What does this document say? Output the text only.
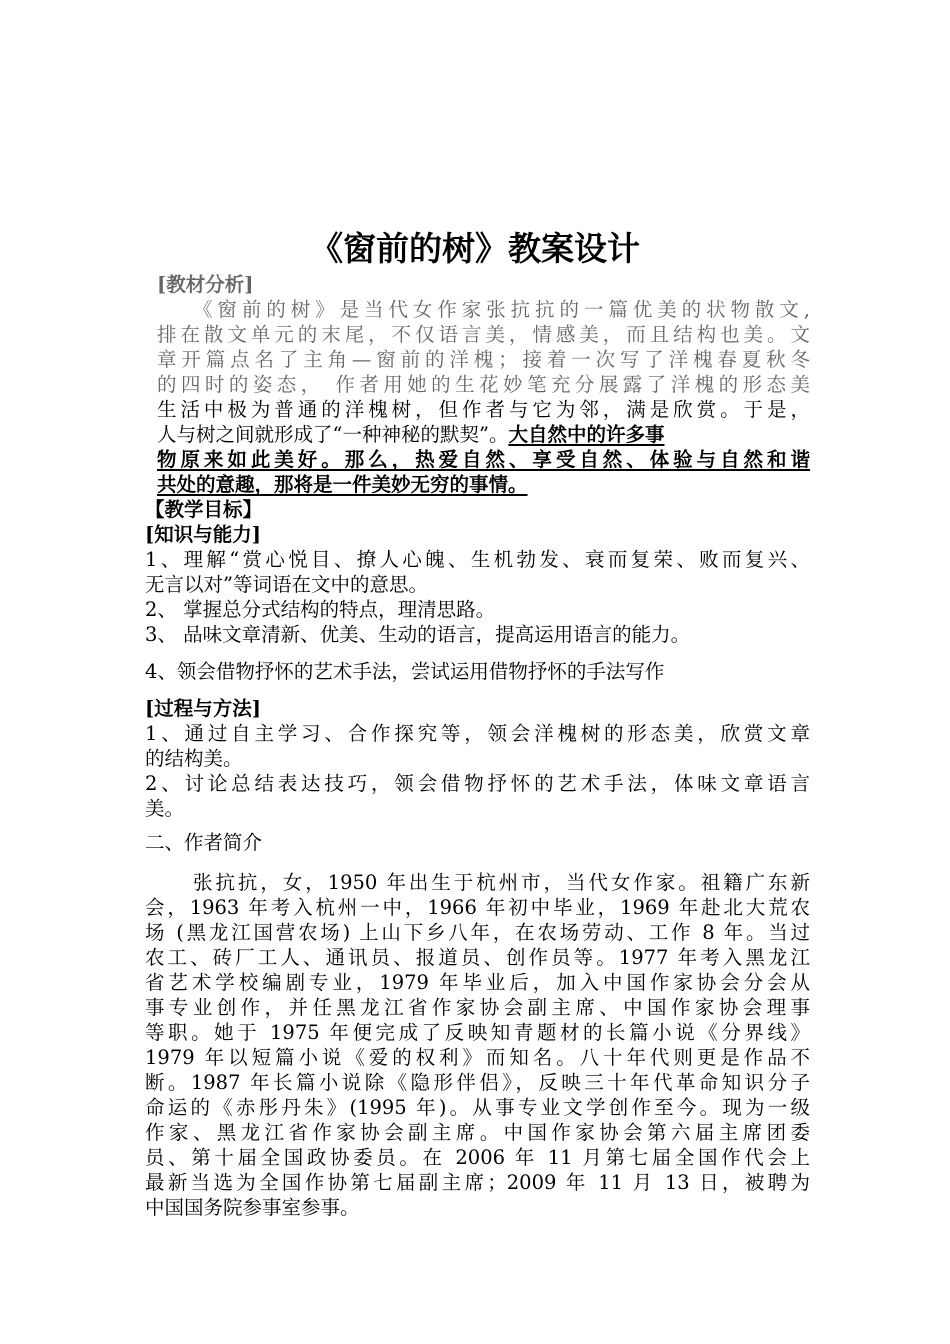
《窗前的树》教案设计
[教材分析]
《窗前的树》是当代女作家张抗抗的一篇优美的状物散文,
排在散文单元的末尾，不仅语言美，情感美，而且结构也美。文
章开篇点名了主角—窗前的洋槐；接着一次写了洋槐春夏秋冬
的四时的姿态， 作者用她的生花妙笔充分展露了洋槐的形态美
生活中极为普通的洋槐树，但作者与它为邻，满是欣赏。于是，
人与树之间就形成了“一种神秘的默契”。大自然中的许多事
物原来如此美好。那么，热爱自然、享受自然、体验与自然和谐
共处的意趣，那将是一件美妙无穷的事情。
【教学目标】
[知识与能力]
1、理解“赏心悦目、撩人心魄、生机勃发、衰而复荣、败而复兴、
无言以对”等词语在文中的意思。
2、 掌握总分式结构的特点，理清思路。
3、 品味文章清新、优美、生动的语言，提高运用语言的能力。
4、领会借物抒怀的艺术手法，尝试运用借物抒怀的手法写作
[过程与方法]
1、通过自主学习、合作探究等，领会洋槐树的形态美，欣赏文章
的结构美。
2、讨论总结表达技巧，领会借物抒怀的艺术手法，体味文章语言
美。
二、作者简介
张抗抗，女，1950 年出生于杭州市，当代女作家。祖籍广东新
会，1963 年考入杭州一中，1966 年初中毕业，1969 年赴北大荒农
场 (黑龙江国营农场) 上山下乡八年，在农场劳动、工作 8 年。当过
农工、砖厂工人、通讯员、报道员、创作员等。1977 年考入黑龙江
省艺术学校编剧专业，1979 年毕业后，加入中国作家协会分会从
事专业创作，并任黑龙江省作家协会副主席、中国作家协会理事
等职。她于 1975 年便完成了反映知青题材的长篇小说《分界线》
1979 年以短篇小说《爱的权利》而知名。八十年代则更是作品不
断。1987 年长篇小说除《隐形伴侣》，反映三十年代革命知识分子
命运的《赤彤丹朱》(1995 年)。从事专业文学创作至今。现为一级
作家、黑龙江省作家协会副主席。中国作家协会第六届主席团委
员、第十届全国政协委员。在 2006 年 11 月第七届全国作代会上
最新当选为全国作协第七届副主席；2009 年 11 月 13 日，被聘为
中国国务院参事室参事。
